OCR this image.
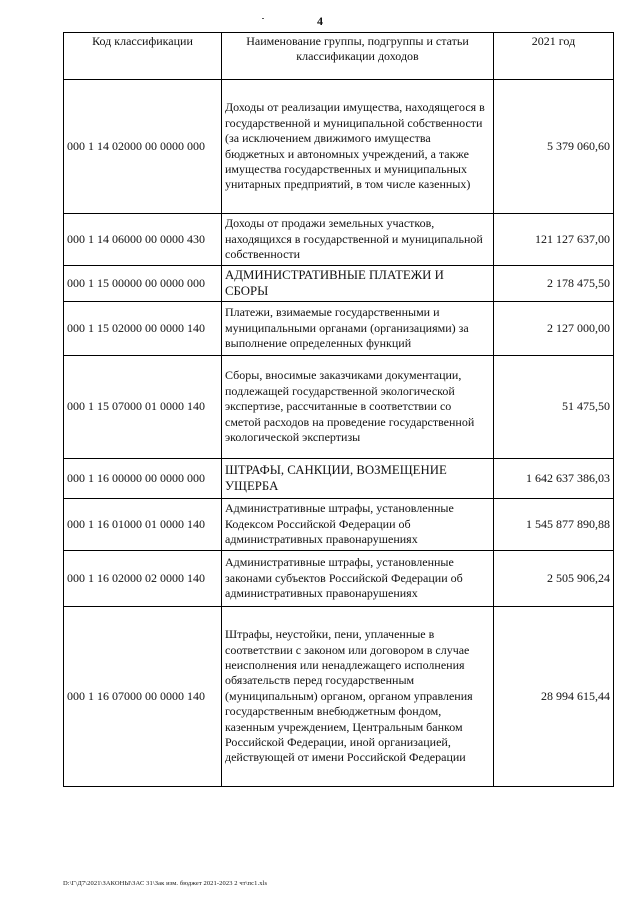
4
Код классификации	Наименование группы, подгруппы и статьи классификации доходов	2021 год
000 1 14 02000 00 0000 000	Доходы от реализации имущества, находящегося в государственной и муниципальной собственности (за исключением движимого имущества бюджетных и автономных учреждений, а также имущества государственных и муниципальных унитарных предприятий, в том числе казенных)	5 379 060,60
000 1 14 06000 00 0000 430	Доходы от продажи земельных участков, находящихся в государственной и муниципальной собственности	121 127 637,00
000 1 15 00000 00 0000 000	АДМИНИСТРАТИВНЫЕ ПЛАТЕЖИ И СБОРЫ	2 178 475,50
000 1 15 02000 00 0000 140	Платежи, взимаемые государственными и муниципальными органами (организациями) за выполнение определенных функций	2 127 000,00
000 1 15 07000 01 0000 140	Сборы, вносимые заказчиками документации, подлежащей государственной экологической экспертизе, рассчитанные в соответствии со сметой расходов на проведение государственной экологической экспертизы	51 475,50
000 1 16 00000 00 0000 000	ШТРАФЫ, САНКЦИИ, ВОЗМЕЩЕНИЕ УЩЕРБА	1 642 637 386,03
000 1 16 01000 01 0000 140	Административные штрафы, установленные Кодексом Российской Федерации об административных правонарушениях	1 545 877 890,88
000 1 16 02000 02 0000 140	Административные штрафы, установленные законами субъектов Российской Федерации об административных правонарушениях	2 505 906,24
000 1 16 07000 00 0000 140	Штрафы, неустойки, пени, уплаченные в соответствии с законом или договором в случае неисполнения или ненадлежащего исполнения обязательств перед государственным (муниципальным) органом, органом управления государственным внебюджетным фондом, казенным учреждением, Центральным банком Российской Федерации, иной организацией, действующей от имени Российской Федерации	28 994 615,44
D:\Г\Д7\2021\ЗАКОНЫ\ЗАС 31\Зак изм. бюджет 2021-2023 2 чт\пс1.xls
